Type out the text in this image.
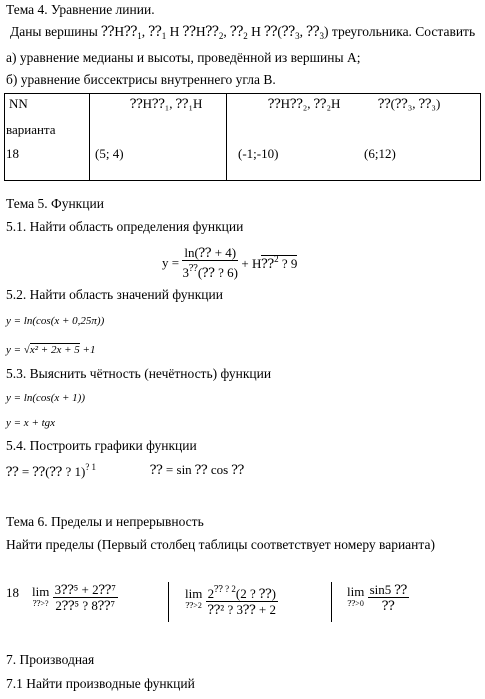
Тема 4. Уравнение линии.
Даны вершины $⁇H⁇_1$, $⁇_1$ H $⁇H⁇_2$, $⁇_2$ H $⁇(⁇_3$, $⁇_3$) треугольника. Составить
а) уравнение медианы и высоты, проведённой из вершины А;
б) уравнение биссектрисы внутреннего угла В.

NN
варианта
⁇H⁇₁, ⁇₁H	⁇H⁇₂, ⁇₂H	⁇(⁇₃, ⁇₃)
18	(5; 4)	(-1;-10)	(6;12)
Тема 5. Функции
5.1. Найти область определения функции
$y = \frac{\ln(⁇ + 4)}{3^⁇(⁇ ? 6)}$ + H⁇$^2$ ? 9
5.2. Найти область значений функции
y = ln(cos(x + 0,25π))
y = √x² + 2x + 5 +1
5.3. Выяснить чётность (нечётность) функции
y = ln(cos(x + 1))
y = x + tgx
5.4. Построить графики функции
⁇ = ⁇(⁇ ? 1)$^{? 1}$	⁇ = sin ⁇ cos ⁇
Тема 6. Пределы и непрерывность
Найти пределы (Первый столбец таблицы соответствует номеру варианта)
18 lim
⁇>?
$\frac{\text{3⁇⁵ + 2⁇⁷}}{\text{2⁇⁵ ? 8⁇⁷}}$	lim
⁇>2
$\frac{2^{⁇ ? 2}(2 ? ⁇)}{\text{⁇² ? 3⁇ + 2}}$	lim
⁇>0
$\frac{\sin 5 ⁇}{⁇}$
7. Производная
7.1 Найти производные функций
